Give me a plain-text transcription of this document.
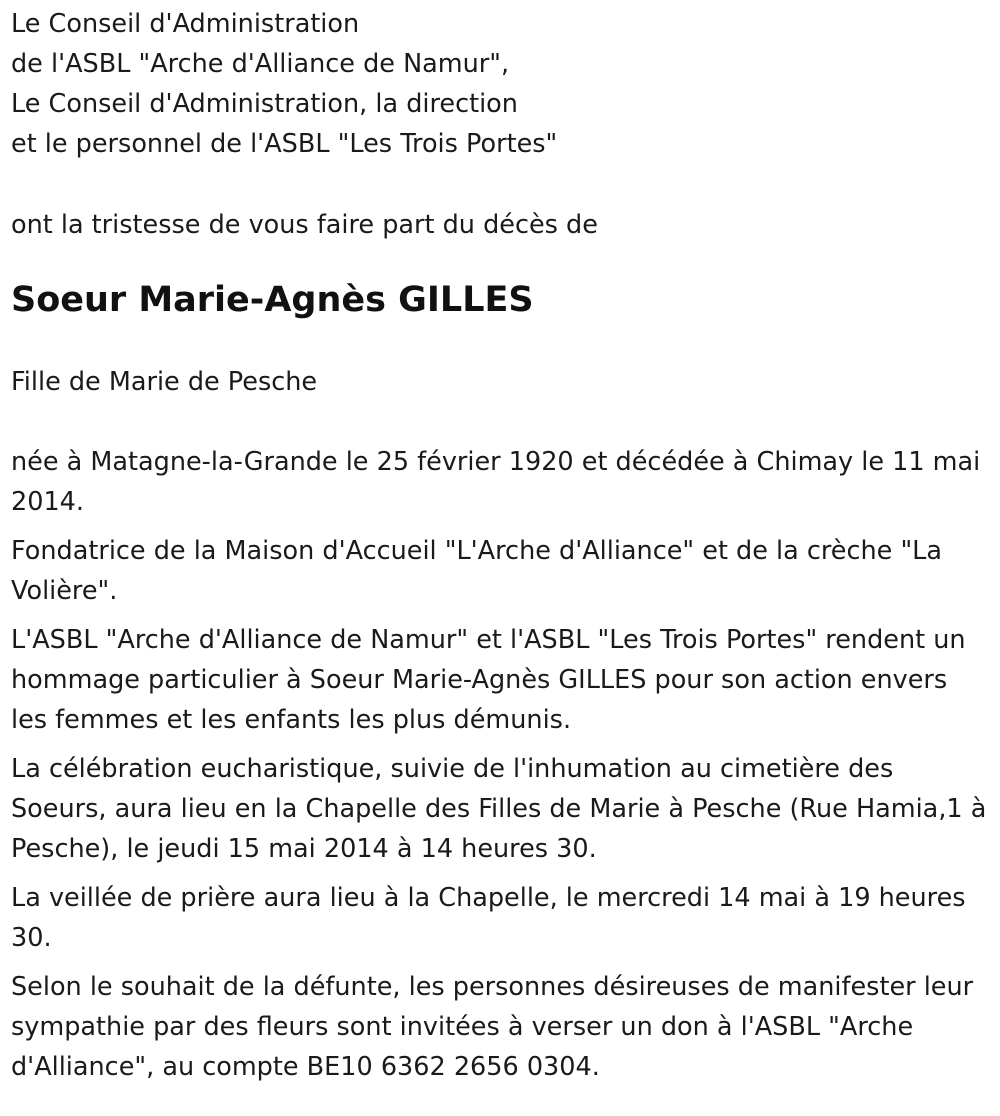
Le Conseil d'Administration

de l'ASBL "Arche d'Alliance de Namur",

Le Conseil d'Administration, la direction

et le personnel de l'ASBL "Les Trois Portes"

ont la tristesse de vous faire part du décès de

Soeur Marie-Agnès GILLES

Fille de Marie de Pesche

née à Matagne-la-Grande le 25 février 1920 et décédée à Chimay le 11 mai 2014.

Fondatrice de la Maison d'Accueil "L'Arche d'Alliance" et de la crèche "La Volière".

L'ASBL "Arche d'Alliance de Namur" et l'ASBL "Les Trois Portes" rendent un hommage particulier à Soeur Marie-Agnès GILLES pour son action envers les femmes et les enfants les plus démunis.

La célébration eucharistique, suivie de l'inhumation au cimetière des Soeurs, aura lieu en la Chapelle des Filles de Marie à Pesche (Rue Hamia,1 à Pesche), le jeudi 15 mai 2014 à 14 heures 30.

La veillée de prière aura lieu à la Chapelle, le mercredi 14 mai à 19 heures 30.

Selon le souhait de la défunte, les personnes désireuses de manifester leur sympathie par des fleurs sont invitées à verser un don à l'ASBL "Arche d'Alliance", au compte BE10 6362 2656 0304.
